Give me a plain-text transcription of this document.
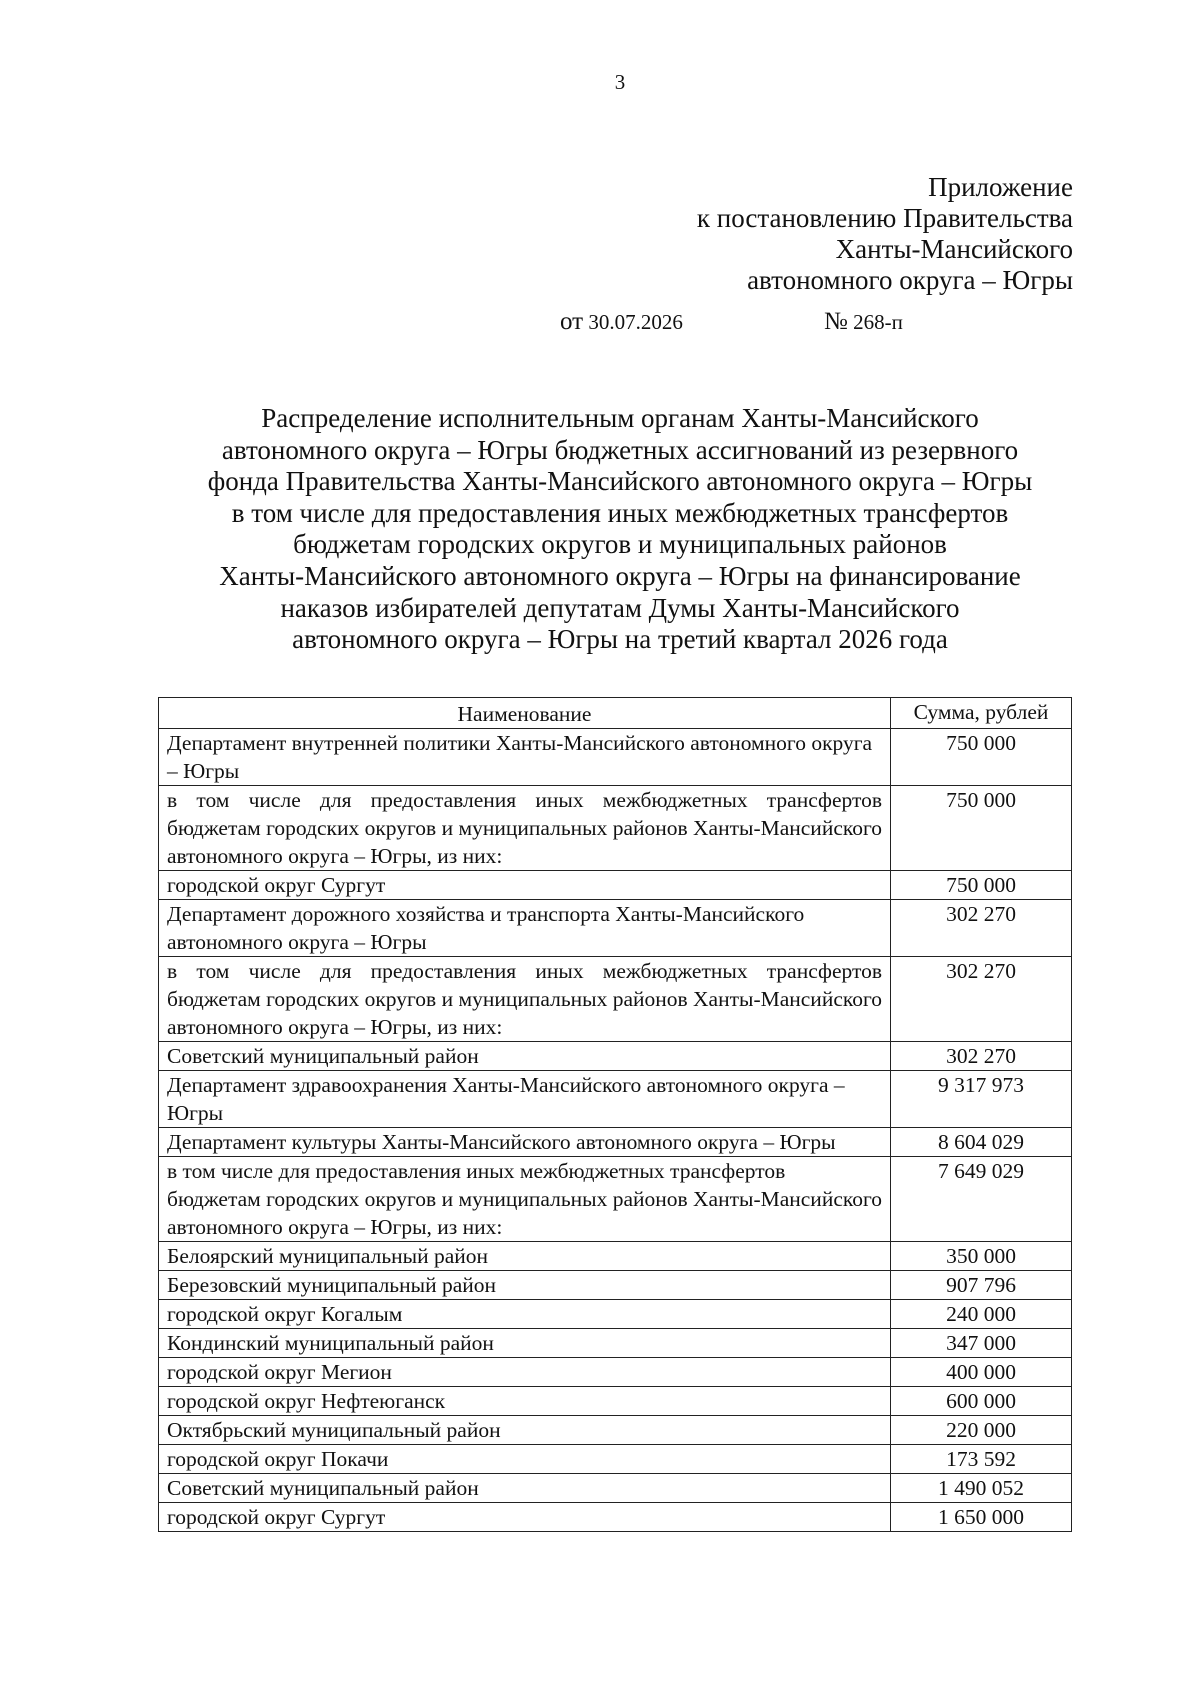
3
Приложение
к постановлению Правительства
Ханты-Мансийского
автономного округа – Югры
от 30.07.2026	№ 268-п
Распределение исполнительным органам Ханты-Мансийского
автономного округа – Югры бюджетных ассигнований из резервного
фонда Правительства Ханты-Мансийского автономного округа – Югры
в том числе для предоставления иных межбюджетных трансфертов
бюджетам городских округов и муниципальных районов
Ханты-Мансийского автономного округа – Югры на финансирование
наказов избирателей депутатам Думы Ханты-Мансийского
автономного округа – Югры на третий квартал 2026 года
Наименование	Сумма, рублей
Департамент внутренней политики Ханты-Мансийского автономного округа – Югры	750 000
в том числе для предоставления иных межбюджетных трансфертов бюджетам городских округов и муниципальных районов Ханты-Мансийского автономного округа – Югры, из них:	750 000
городской округ Сургут	750 000
Департамент дорожного хозяйства и транспорта Ханты-Мансийского автономного округа – Югры	302 270
в том числе для предоставления иных межбюджетных трансфертов бюджетам городских округов и муниципальных районов Ханты-Мансийского автономного округа – Югры, из них:	302 270
Советский муниципальный район	302 270
Департамент здравоохранения Ханты-Мансийского автономного округа – Югры	9 317 973
Департамент культуры Ханты-Мансийского автономного округа – Югры	8 604 029
в том числе для предоставления иных межбюджетных трансфертов бюджетам городских округов и муниципальных районов Ханты-Мансийского автономного округа – Югры, из них:	7 649 029
Белоярский муниципальный район	350 000
Березовский муниципальный район	907 796
городской округ Когалым	240 000
Кондинский муниципальный район	347 000
городской округ Мегион	400 000
городской округ Нефтеюганск	600 000
Октябрьский муниципальный район	220 000
городской округ Покачи	173 592
Советский муниципальный район	1 490 052
городской округ Сургут	1 650 000
